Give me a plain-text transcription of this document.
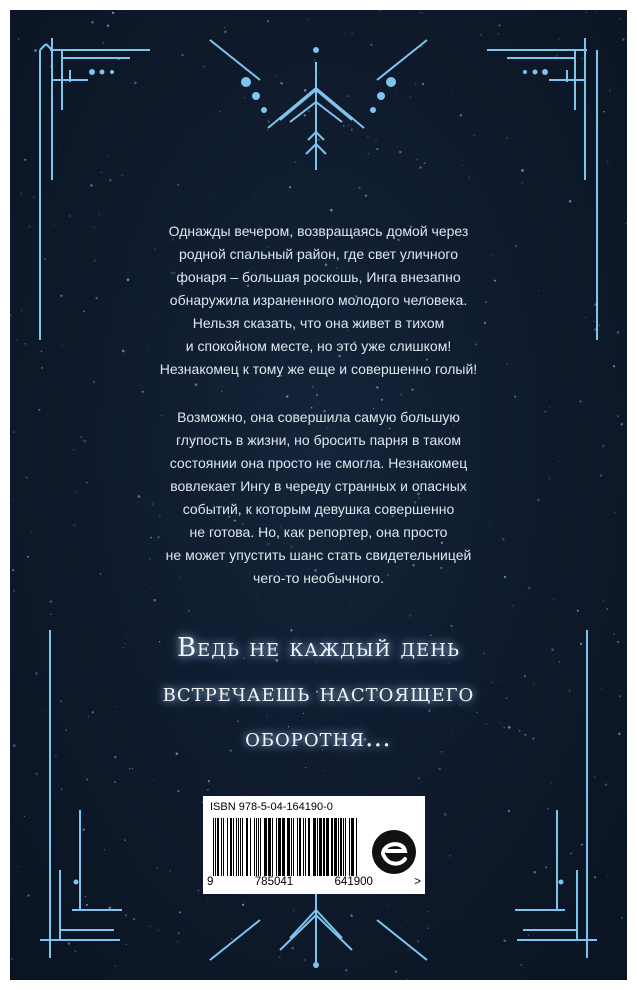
Однажды вечером, возвращаясь домой через
родной спальный район, где свет уличного
фонаря – большая роскошь, Инга внезапно
обнаружила израненного молодого человека.
Нельзя сказать, что она живет в тихом
и спокойном месте, но это уже слишком!
Незнакомец к тому же еще и совершенно голый!
Возможно, она совершила самую большую
глупость в жизни, но бросить парня в таком
состоянии она просто не смогла. Незнакомец
вовлекает Ингу в череду странных и опасных
событий, к которым девушка совершенно
не готова. Но, как репортер, она просто
не может упустить шанс стать свидетельницей
чего-то необычного.
Ведь не каждый день
встречаешь настоящего
оборотня…
ISBN 978-5-04-164190-0
9	785041	641900	>
